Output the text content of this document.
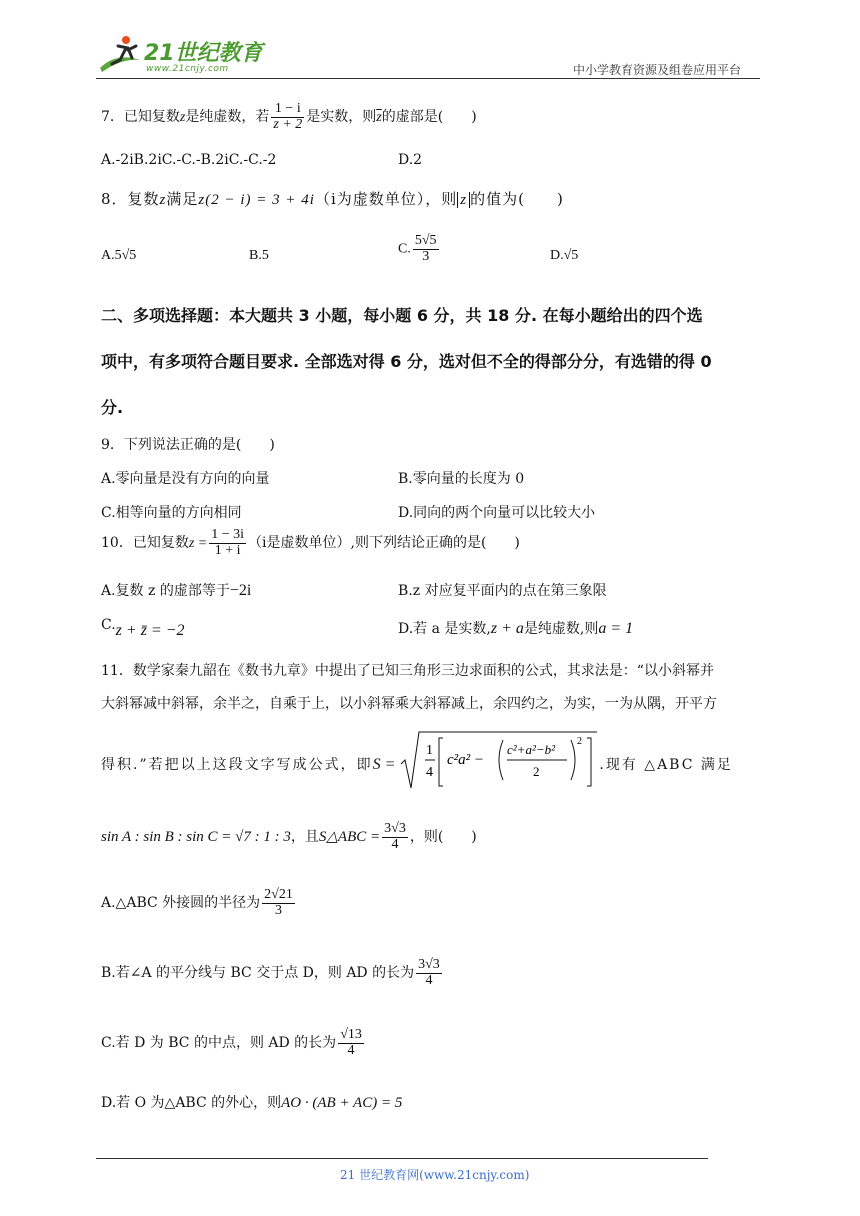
21世纪教育
www.21cnjy.com	中小学教育资源及组卷应用平台
7．已知复数z是纯虚数，若 $\frac{1 - i}{z + 2}$ 是实数，则$\overline{z}$的虚部是(　　)
A.-2iB.2iC.-C.-B.2iC.-C.-2	D.2
8．复数z满足z(2 − i) = 3 + 4i（i为虚数单位），则 z 的值为(　　)
A.5√5	B.5	C. $\frac{5√5}{3}$	D.√5
二、多项选择题：本大题共 3 小题，每小题 6 分，共 18 分. 在每小题给出的四个选
项中，有多项符合题目要求. 全部选对得 6 分，选对但不全的得部分分，有选错的得 0
分.
9．下列说法正确的是(　　)
A.零向量是没有方向的向量	B.零向量的长度为 0
C.相等向量的方向相同	D.同向的两个向量可以比较大小
10．已知复数$z = \frac{1 - 3i}{1 + i} (i$是虚数单位）,则下列结论正确的是(　　)
A.复数 z 的虚部等于−2i	B.z 对应复平面内的点在第三象限
C.z + z̄ = −2	D.若 a 是实数,z + a是纯虚数,则a = 1
11．数学家秦九韶在《数书九章》中提出了已知三角形三边求面积的公式，其求法是：“以小斜幂并
大斜幂减中斜幂，余半之，自乘于上，以小斜幂乘大斜幂减上，余四约之，为实，一为从隅，开平方
得积.”若把以上这段文字写成公式，即S =
1
4
c²a² −
c²+a²−b²
2
2
.现有 △ABC 满足
sin A : sin B : sin C = √7 : 1 : 3，且S△ABC = $\frac{3√3}{4}$ ，则(　　)
A.△ABC 外接圆的半径为 $\frac{2√21}{3}$
B.若∠A 的平分线与 BC 交于点 D，则 AD 的长为 $\frac{3√3}{4}$
C.若 D 为 BC 的中点，则 AD 的长为 $\frac{√13}{4}$
D.若 O 为△ABC 的外心，则AO · (AB + AC) = 5
21 世纪教育网(www.21cnjy.com)
